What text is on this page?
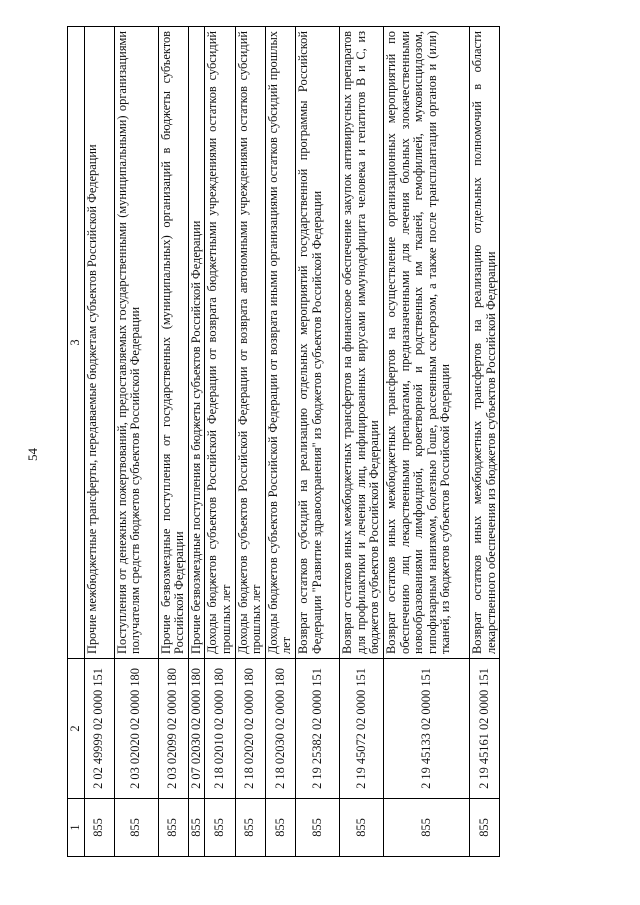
54
1	2	3
855	2 02 49999 02 0000 151	Прочие межбюджетные трансферты, передаваемые бюджетам субъектов Российской Федерации
855	2 03 02020 02 0000 180	Поступления от денежных пожертвований, предоставляемых государственными (муниципальными) организациями получателям средств бюджетов субъектов Российской Федерации
855	2 03 02099 02 0000 180	Прочие безвозмездные поступления от государственных (муниципальных) организаций в бюджеты субъектов Российской Федерации
855	2 07 02030 02 0000 180	Прочие безвозмездные поступления в бюджеты субъектов Российской Федерации
855	2 18 02010 02 0000 180	Доходы бюджетов субъектов Российской Федерации от возврата бюджетными учреждениями остатков субсидий прошлых лет
855	2 18 02020 02 0000 180	Доходы бюджетов субъектов Российской Федерации от возврата автономными учреждениями остатков субсидий прошлых лет
855	2 18 02030 02 0000 180	Доходы бюджетов субъектов Российской Федерации от возврата иными организациями остатков субсидий прошлых лет
855	2 19 25382 02 0000 151	Возврат остатков субсидий на реализацию отдельных мероприятий государственной программы Российской Федерации "Развитие здравоохранения" из бюджетов субъектов Российской Федерации
855	2 19 45072 02 0000 151	Возврат остатков иных межбюджетных трансфертов на финансовое обеспечение закупок антивирусных препаратов для профилактики и лечения лиц, инфицированных вирусами иммунодефицита человека и гепатитов B и C, из бюджетов субъектов Российской Федерации
855	2 19 45133 02 0000 151	Возврат остатков иных межбюджетных трансфертов на осуществление организационных мероприятий по обеспечению лиц лекарственными препаратами, предназначенными для лечения больных злокачественными новообразованиями лимфоидной, кроветворной и родственных им тканей, гемофилией, муковисцидозом, гипофизарным нанизмом, болезнью Гоше, рассеянным склерозом, а также после трансплантации органов и (или) тканей, из бюджетов субъектов Российской Федерации
855	2 19 45161 02 0000 151	Возврат остатков иных межбюджетных трансфертов на реализацию отдельных полномочий в области лекарственного обеспечения из бюджетов субъектов Российской Федерации
